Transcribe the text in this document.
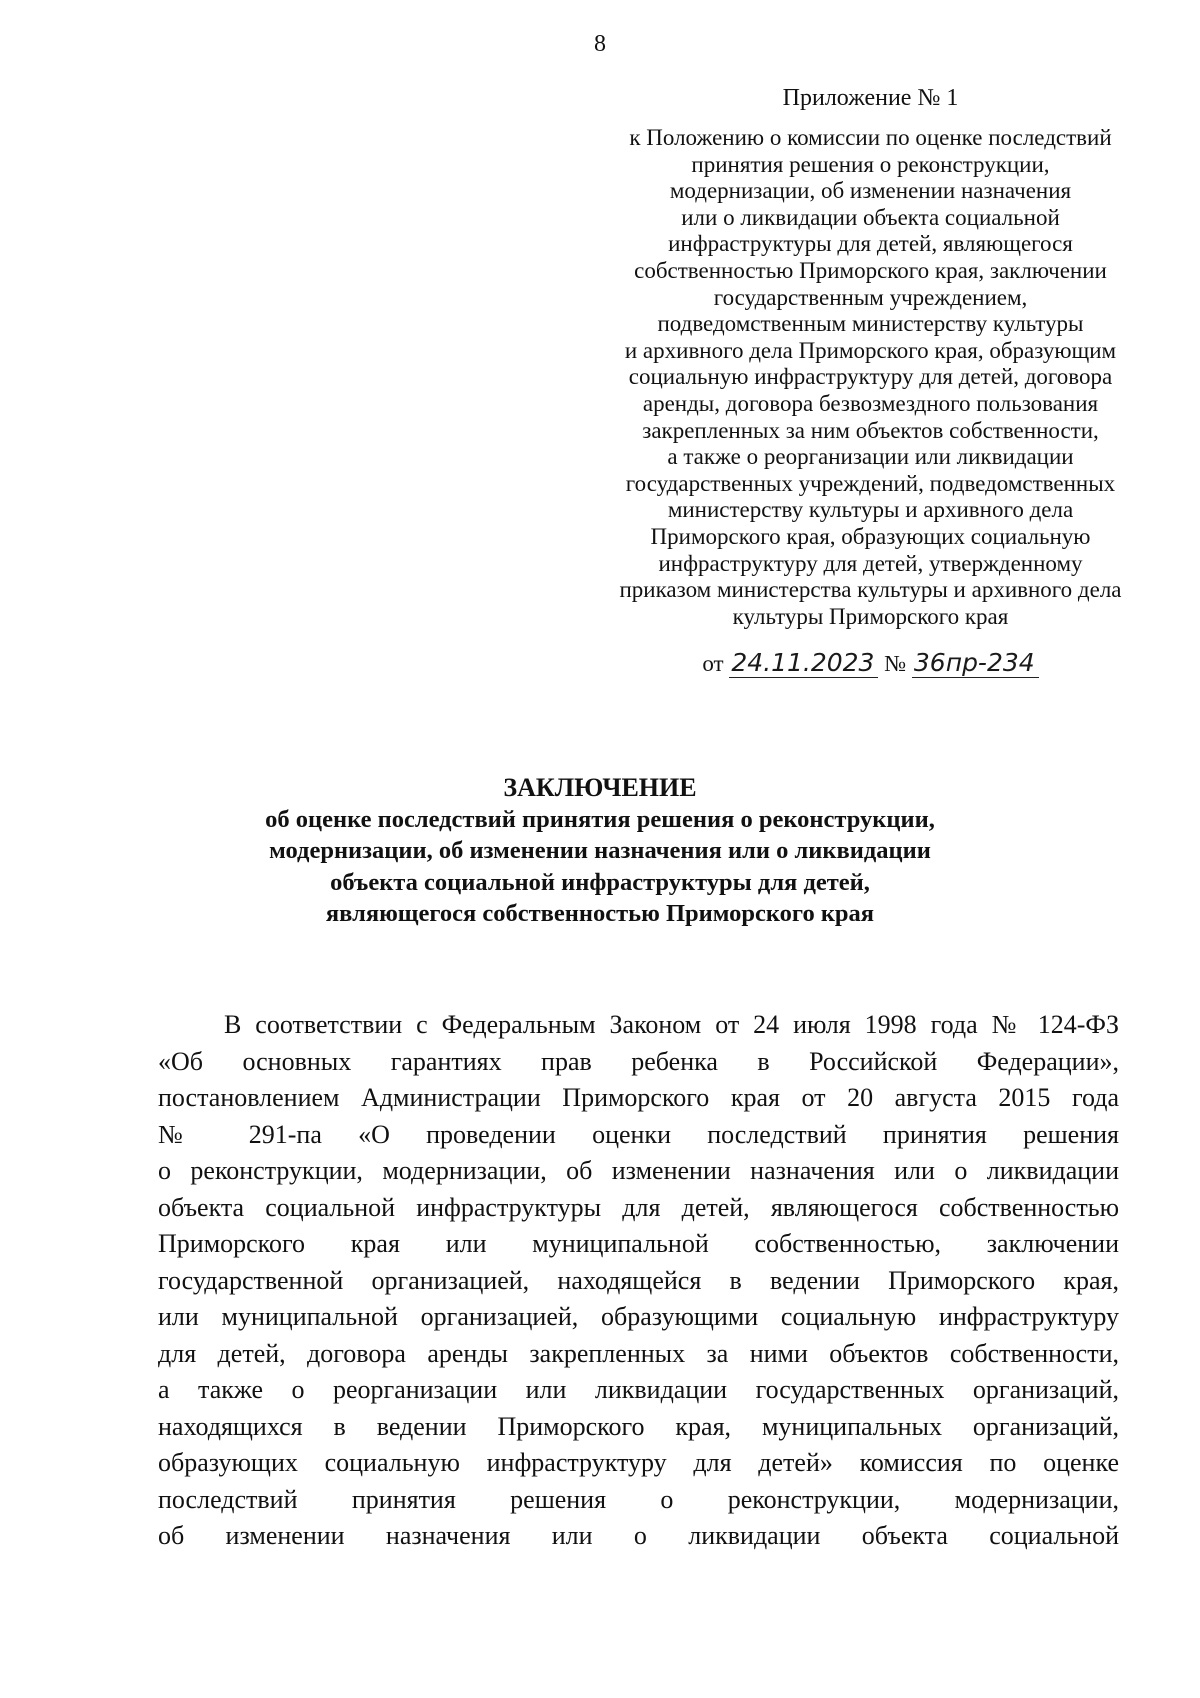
8
Приложение № 1
к Положению о комиссии по оценке последствий
принятия решения о реконструкции,
модернизации, об изменении назначения
или о ликвидации объекта социальной
инфраструктуры для детей, являющегося
собственностью Приморского края, заключении
государственным учреждением,
подведомственным министерству культуры
и архивного дела Приморского края, образующим
социальную инфраструктуру для детей, договора
аренды, договора безвозмездного пользования
закрепленных за ним объектов собственности,
а также о реорганизации или ликвидации
государственных учреждений, подведомственных
министерству культуры и архивного дела
Приморского края, образующих социальную
инфраструктуру для детей, утвержденному
приказом министерства культуры и архивного дела
культуры Приморского края
от 24.11.2023 № 36пр-234
ЗАКЛЮЧЕНИЕ
об оценке последствий принятия решения о реконструкции,
модернизации, об изменении назначения или о ликвидации
объекта социальной инфраструктуры для детей,
являющегося собственностью Приморского края
В соответствии с Федеральным Законом от 24 июля 1998 года № 124-ФЗ
«Об основных гарантиях прав ребенка в Российской Федерации»,
постановлением Администрации Приморского края от 20 августа 2015 года
№ 291-па «О проведении оценки последствий принятия решения
о реконструкции, модернизации, об изменении назначения или о ликвидации
объекта социальной инфраструктуры для детей, являющегося собственностью
Приморского края или муниципальной собственностью, заключении
государственной организацией, находящейся в ведении Приморского края,
или муниципальной организацией, образующими социальную инфраструктуру
для детей, договора аренды закрепленных за ними объектов собственности,
а также о реорганизации или ликвидации государственных организаций,
находящихся в ведении Приморского края, муниципальных организаций,
образующих социальную инфраструктуру для детей» комиссия по оценке
последствий принятия решения о реконструкции, модернизации,
об изменении назначения или о ликвидации объекта социальной
